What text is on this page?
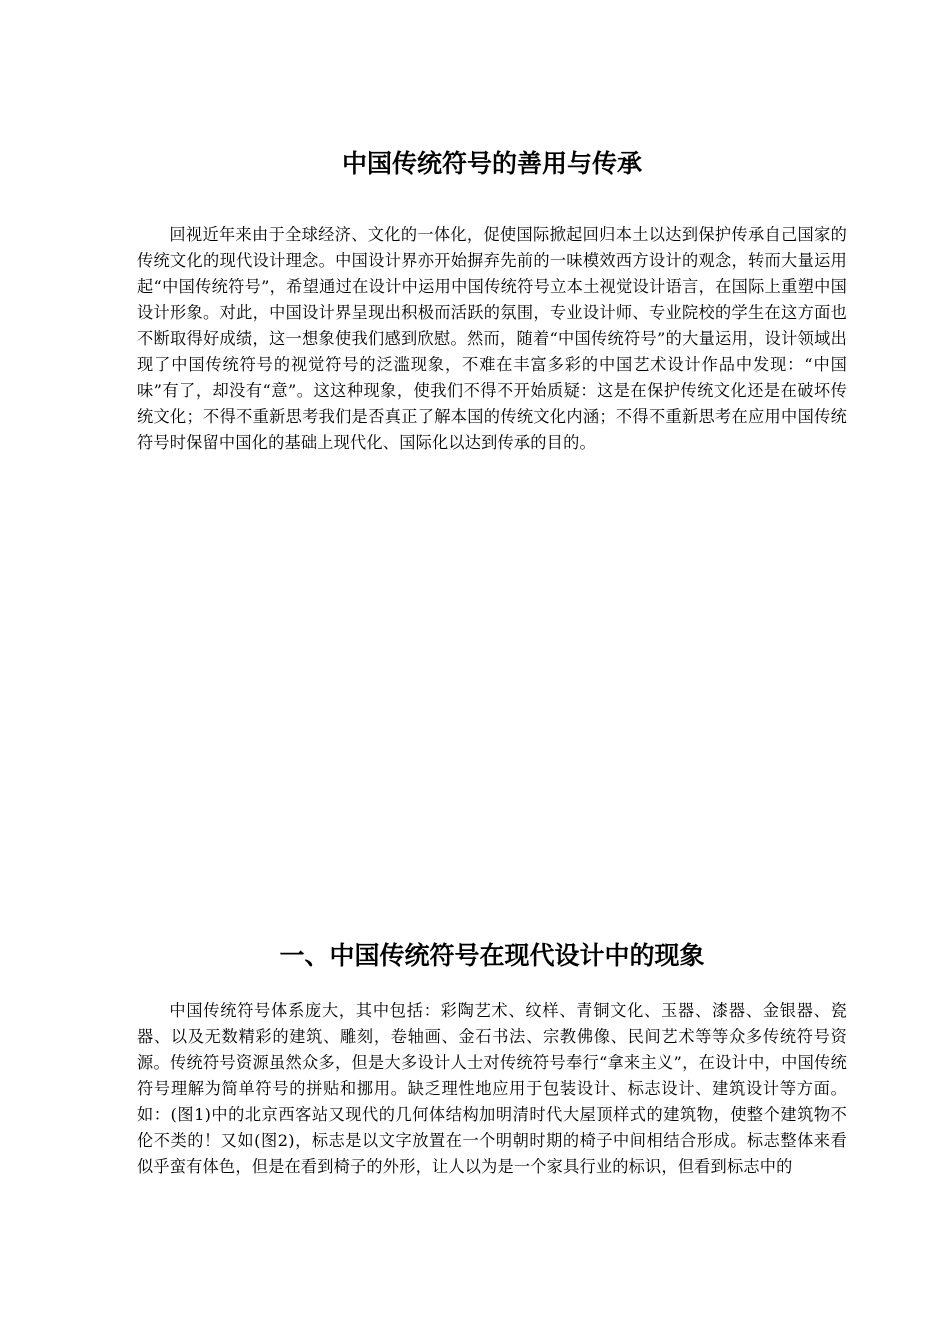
中国传统符号的善用与传承

回视近年来由于全球经济、文化的一体化，促使国际掀起回归本土以达到保护传承自己国家的传统文化的现代设计理念。中国设计界亦开始摒弃先前的一味模效西方设计的观念，转而大量运用起“中国传统符号”，希望通过在设计中运用中国传统符号立本土视觉设计语言，在国际上重塑中国设计形象。对此，中国设计界呈现出积极而活跃的氛围，专业设计师、专业院校的学生在这方面也不断取得好成绩，这一想象使我们感到欣慰。然而，随着“中国传统符号”的大量运用，设计领域出现了中国传统符号的视觉符号的泛滥现象，不难在丰富多彩的中国艺术设计作品中发现：“中国味”有了，却没有“意”。这这种现象，使我们不得不开始质疑：这是在保护传统文化还是在破坏传统文化；不得不重新思考我们是否真正了解本国的传统文化内涵；不得不重新思考在应用中国传统符号时保留中国化的基础上现代化、国际化以达到传承的目的。

一、中国传统符号在现代设计中的现象

中国传统符号体系庞大，其中包括：彩陶艺术、纹样、青铜文化、玉器、漆器、金银器、瓷器、以及无数精彩的建筑、雕刻，卷轴画、金石书法、宗教佛像、民间艺术等等众多传统符号资源。传统符号资源虽然众多，但是大多设计人士对传统符号奉行“拿来主义”，在设计中，中国传统符号理解为简单符号的拼贴和挪用。缺乏理性地应用于包装设计、标志设计、建筑设计等方面。如：(图1)中的北京西客站又现代的几何体结构加明清时代大屋顶样式的建筑物，使整个建筑物不伦不类的！又如(图2)，标志是以文字放置在一个明朝时期的椅子中间相结合形成。标志整体来看似乎蛮有体色，但是在看到椅子的外形，让人以为是一个家具行业的标识，但看到标志中的
